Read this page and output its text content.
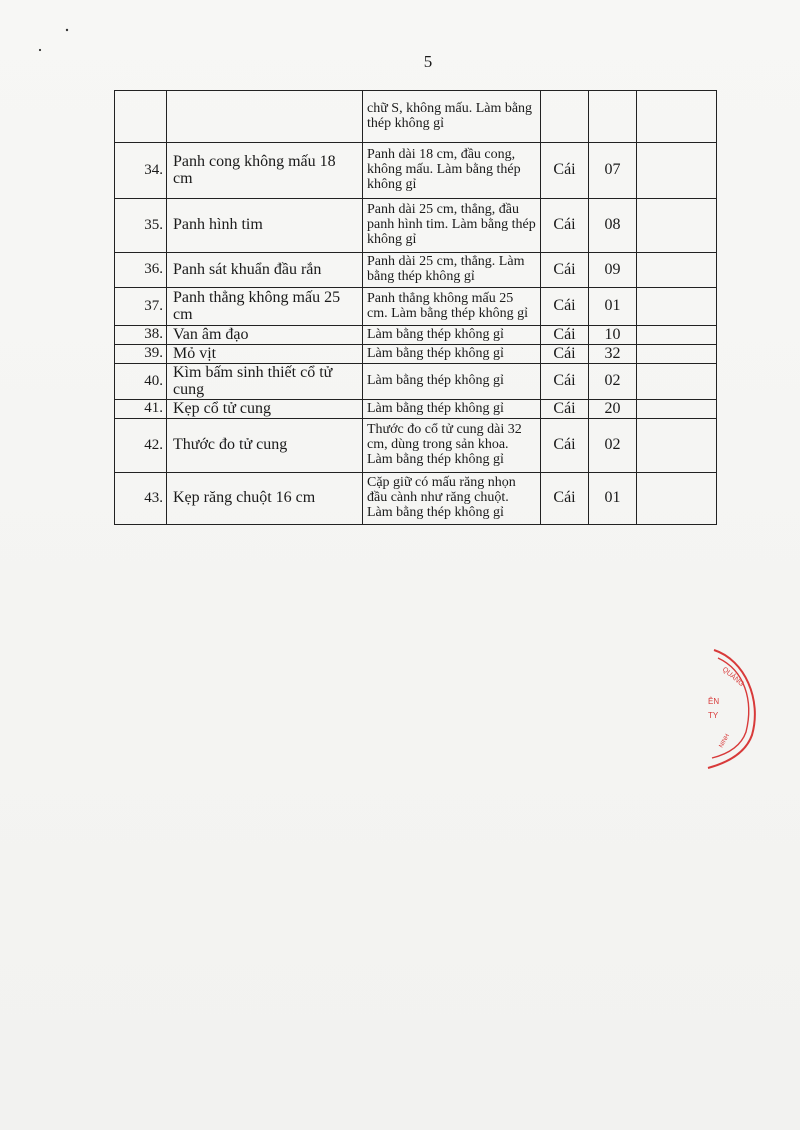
5
		chữ S, không mấu. Làm bằng thép không gỉ			
34.	Panh cong không mấu 18 cm	Panh dài 18 cm, đầu cong, không mấu. Làm bằng thép không gỉ	Cái	07	
35.	Panh hình tim	Panh dài 25 cm, thẳng, đầu panh hình tim. Làm bằng thép không gỉ	Cái	08	
36.	Panh sát khuẩn đầu rắn	Panh dài 25 cm, thẳng. Làm bằng thép không gỉ	Cái	09	
37.	Panh thẳng không mấu 25 cm	Panh thẳng không mấu 25 cm. Làm bằng thép không gỉ	Cái	01	
38.	Van âm đạo	Làm bằng thép không gỉ	Cái	10	
39.	Mỏ vịt	Làm bằng thép không gỉ	Cái	32	
40.	Kìm bấm sinh thiết cổ tử cung	Làm bằng thép không gỉ	Cái	02	
41.	Kẹp cổ tử cung	Làm bằng thép không gỉ	Cái	20	
42.	Thước đo tử cung	Thước đo cổ tử cung dài 32 cm, dùng trong sản khoa. Làm bằng thép không gỉ	Cái	02	
43.	Kẹp răng chuột 16 cm	Cặp giữ có mấu răng nhọn đầu cành như răng chuột. Làm bằng thép không gỉ	Cái	01	
QUẢNG
ÊN
TY
NINH
